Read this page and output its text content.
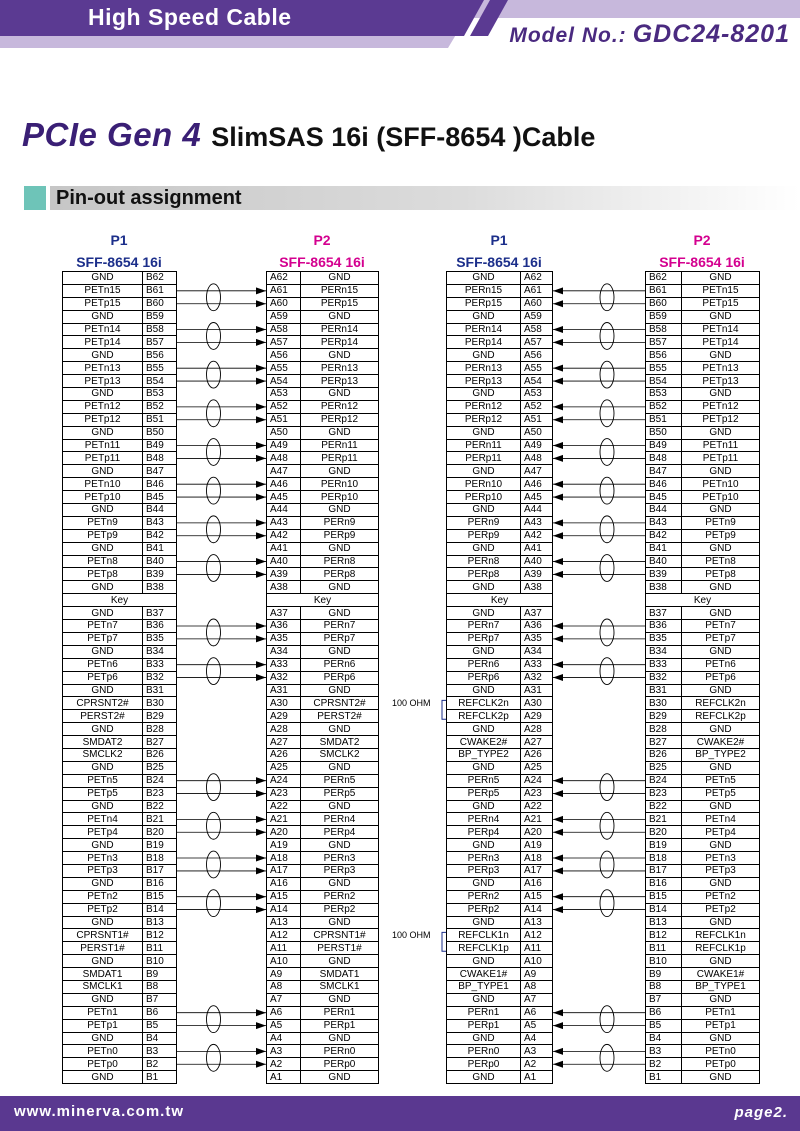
High Speed Cable
Model No.: GDC24-8201
PCIe Gen 4 SlimSAS 16i (SFF-8654 )Cable
Pin-out assignment
P1
SFF-8654 16i
P2
SFF-8654 16i
P1
SFF-8654 16i
P2
SFF-8654 16i
GND	B62
PETn15	B61
PETp15	B60
GND	B59
PETn14	B58
PETp14	B57
GND	B56
PETn13	B55
PETp13	B54
GND	B53
PETn12	B52
PETp12	B51
GND	B50
PETn11	B49
PETp11	B48
GND	B47
PETn10	B46
PETp10	B45
GND	B44
PETn9	B43
PETp9	B42
GND	B41
PETn8	B40
PETp8	B39
GND	B38
Key	
GND	B37
PETn7	B36
PETp7	B35
GND	B34
PETn6	B33
PETp6	B32
GND	B31
CPRSNT2#	B30
PERST2#	B29
GND	B28
SMDAT2	B27
SMCLK2	B26
GND	B25
PETn5	B24
PETp5	B23
GND	B22
PETn4	B21
PETp4	B20
GND	B19
PETn3	B18
PETp3	B17
GND	B16
PETn2	B15
PETp2	B14
GND	B13
CPRSNT1#	B12
PERST1#	B11
GND	B10
SMDAT1	B9
SMCLK1	B8
GND	B7
PETn1	B6
PETp1	B5
GND	B4
PETn0	B3
PETp0	B2
GND	B1
A62	GND
A61	PERn15
A60	PERp15
A59	GND
A58	PERn14
A57	PERp14
A56	GND
A55	PERn13
A54	PERp13
A53	GND
A52	PERn12
A51	PERp12
A50	GND
A49	PERn11
A48	PERp11
A47	GND
A46	PERn10
A45	PERp10
A44	GND
A43	PERn9
A42	PERp9
A41	GND
A40	PERn8
A39	PERp8
A38	GND
Key	
A37	GND
A36	PERn7
A35	PERp7
A34	GND
A33	PERn6
A32	PERp6
A31	GND
A30	CPRSNT2#
A29	PERST2#
A28	GND
A27	SMDAT2
A26	SMCLK2
A25	GND
A24	PERn5
A23	PERp5
A22	GND
A21	PERn4
A20	PERp4
A19	GND
A18	PERn3
A17	PERp3
A16	GND
A15	PERn2
A14	PERp2
A13	GND
A12	CPRSNT1#
A11	PERST1#
A10	GND
A9	SMDAT1
A8	SMCLK1
A7	GND
A6	PERn1
A5	PERp1
A4	GND
A3	PERn0
A2	PERp0
A1	GND
GND	A62
PERn15	A61
PERp15	A60
GND	A59
PERn14	A58
PERp14	A57
GND	A56
PERn13	A55
PERp13	A54
GND	A53
PERn12	A52
PERp12	A51
GND	A50
PERn11	A49
PERp11	A48
GND	A47
PERn10	A46
PERp10	A45
GND	A44
PERn9	A43
PERp9	A42
GND	A41
PERn8	A40
PERp8	A39
GND	A38
Key	
GND	A37
PERn7	A36
PERp7	A35
GND	A34
PERn6	A33
PERp6	A32
GND	A31
REFCLK2n	A30
REFCLK2p	A29
GND	A28
CWAKE2#	A27
BP_TYPE2	A26
GND	A25
PERn5	A24
PERp5	A23
GND	A22
PERn4	A21
PERp4	A20
GND	A19
PERn3	A18
PERp3	A17
GND	A16
PERn2	A15
PERp2	A14
GND	A13
REFCLK1n	A12
REFCLK1p	A11
GND	A10
CWAKE1#	A9
BP_TYPE1	A8
GND	A7
PERn1	A6
PERp1	A5
GND	A4
PERn0	A3
PERp0	A2
GND	A1
B62	GND
B61	PETn15
B60	PETp15
B59	GND
B58	PETn14
B57	PETp14
B56	GND
B55	PETn13
B54	PETp13
B53	GND
B52	PETn12
B51	PETp12
B50	GND
B49	PETn11
B48	PETp11
B47	GND
B46	PETn10
B45	PETp10
B44	GND
B43	PETn9
B42	PETp9
B41	GND
B40	PETn8
B39	PETp8
B38	GND
Key	
B37	GND
B36	PETn7
B35	PETp7
B34	GND
B33	PETn6
B32	PETp6
B31	GND
B30	REFCLK2n
B29	REFCLK2p
B28	GND
B27	CWAKE2#
B26	BP_TYPE2
B25	GND
B24	PETn5
B23	PETp5
B22	GND
B21	PETn4
B20	PETp4
B19	GND
B18	PETn3
B17	PETp3
B16	GND
B15	PETn2
B14	PETp2
B13	GND
B12	REFCLK1n
B11	REFCLK1p
B10	GND
B9	CWAKE1#
B8	BP_TYPE1
B7	GND
B6	PETn1
B5	PETp1
B4	GND
B3	PETn0
B2	PETp0
B1	GND
100 OHM
100 OHM
www.minerva.com.tw	page2.
